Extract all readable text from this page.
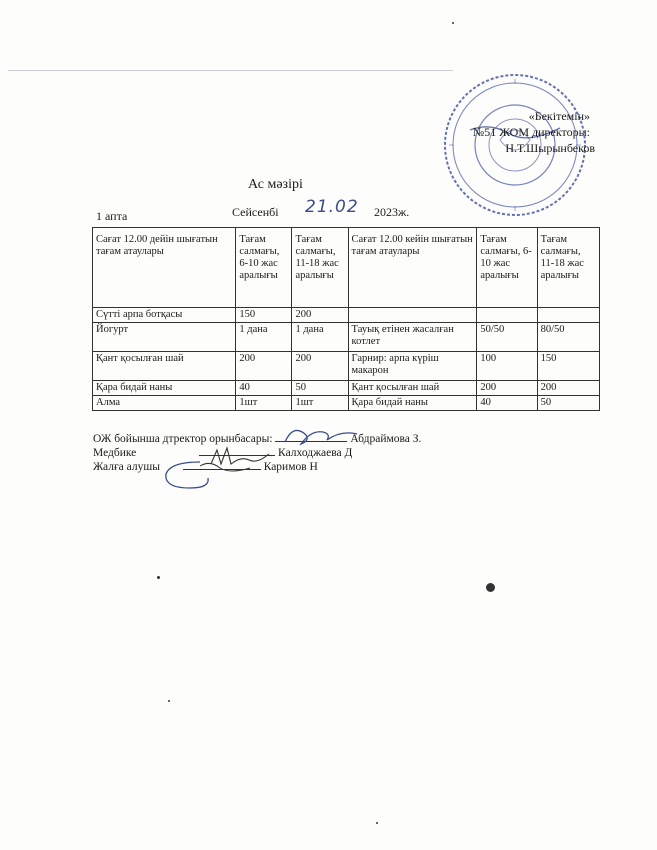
«Бекітемін»
№51 ЖОМ директоры:
Н.Т.Шырынбеков
Ас мәзірі
1 апта	Сейсенбі 21.02 2023ж.
Сағат 12.00 дейін шығатын тағам атаулары	Тағам салмағы, 6-10 жас аралығы	Тағам салмағы, 11-18 жас аралығы	Сағат 12.00 кейін шығатын тағам атаулары	Тағам салмағы, 6-10 жас аралығы	Тағам салмағы, 11-18 жас аралығы
Сүтті арпа ботқасы	150	200			
Йогурт	1 дана	1 дана	Тауық етінен жасалған котлет	50/50	80/50
Қант қосылған шай	200	200	Гарнир: арпа күріш макарон	100	150
Қара бидай наны	40	50	Қант қосылған шай	200	200
Алма	1шт	1шт	Қара бидай наны	40	50
ОЖ бойынша дтректор орынбасары:	Абдраймова З.
Медбике	Калходжаева Д
Жалға алушы	Каримов Н
